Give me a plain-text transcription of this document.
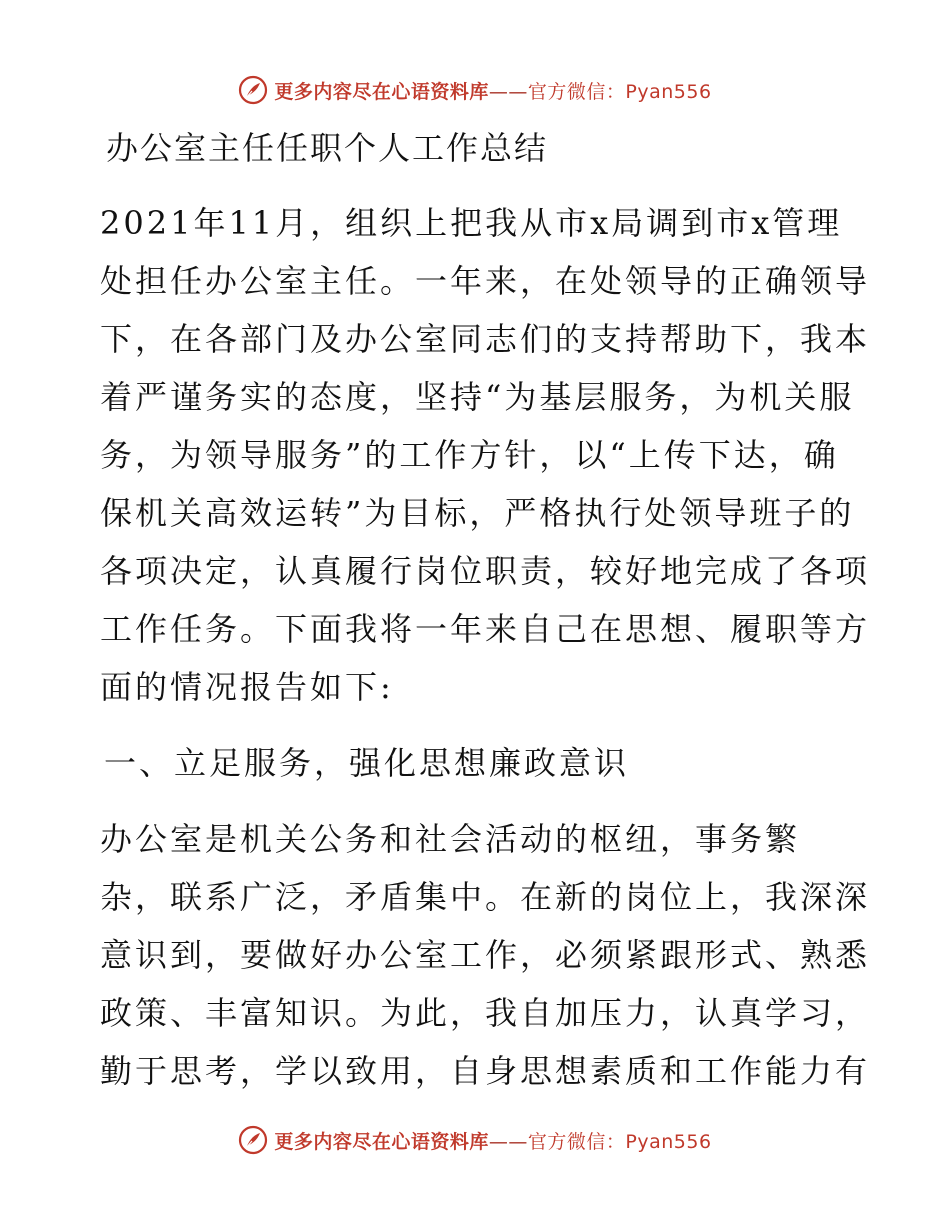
更多内容尽在心语资料库——官方微信：Pyan556
办公室主任任职个人工作总结
2021年11月，组织上把我从市x局调到市x管理
处担任办公室主任。一年来，在处领导的正确领导
下，在各部门及办公室同志们的支持帮助下，我本
着严谨务实的态度，坚持“为基层服务，为机关服
务，为领导服务”的工作方针，以“上传下达，确
保机关高效运转”为目标，严格执行处领导班子的
各项决定，认真履行岗位职责，较好地完成了各项
工作任务。下面我将一年来自己在思想、履职等方
面的情况报告如下:
一、立足服务，强化思想廉政意识
办公室是机关公务和社会活动的枢纽，事务繁
杂，联系广泛，矛盾集中。在新的岗位上，我深深
意识到，要做好办公室工作，必须紧跟形式、熟悉
政策、丰富知识。为此，我自加压力，认真学习，
勤于思考，学以致用，自身思想素质和工作能力有
更多内容尽在心语资料库——官方微信：Pyan556
